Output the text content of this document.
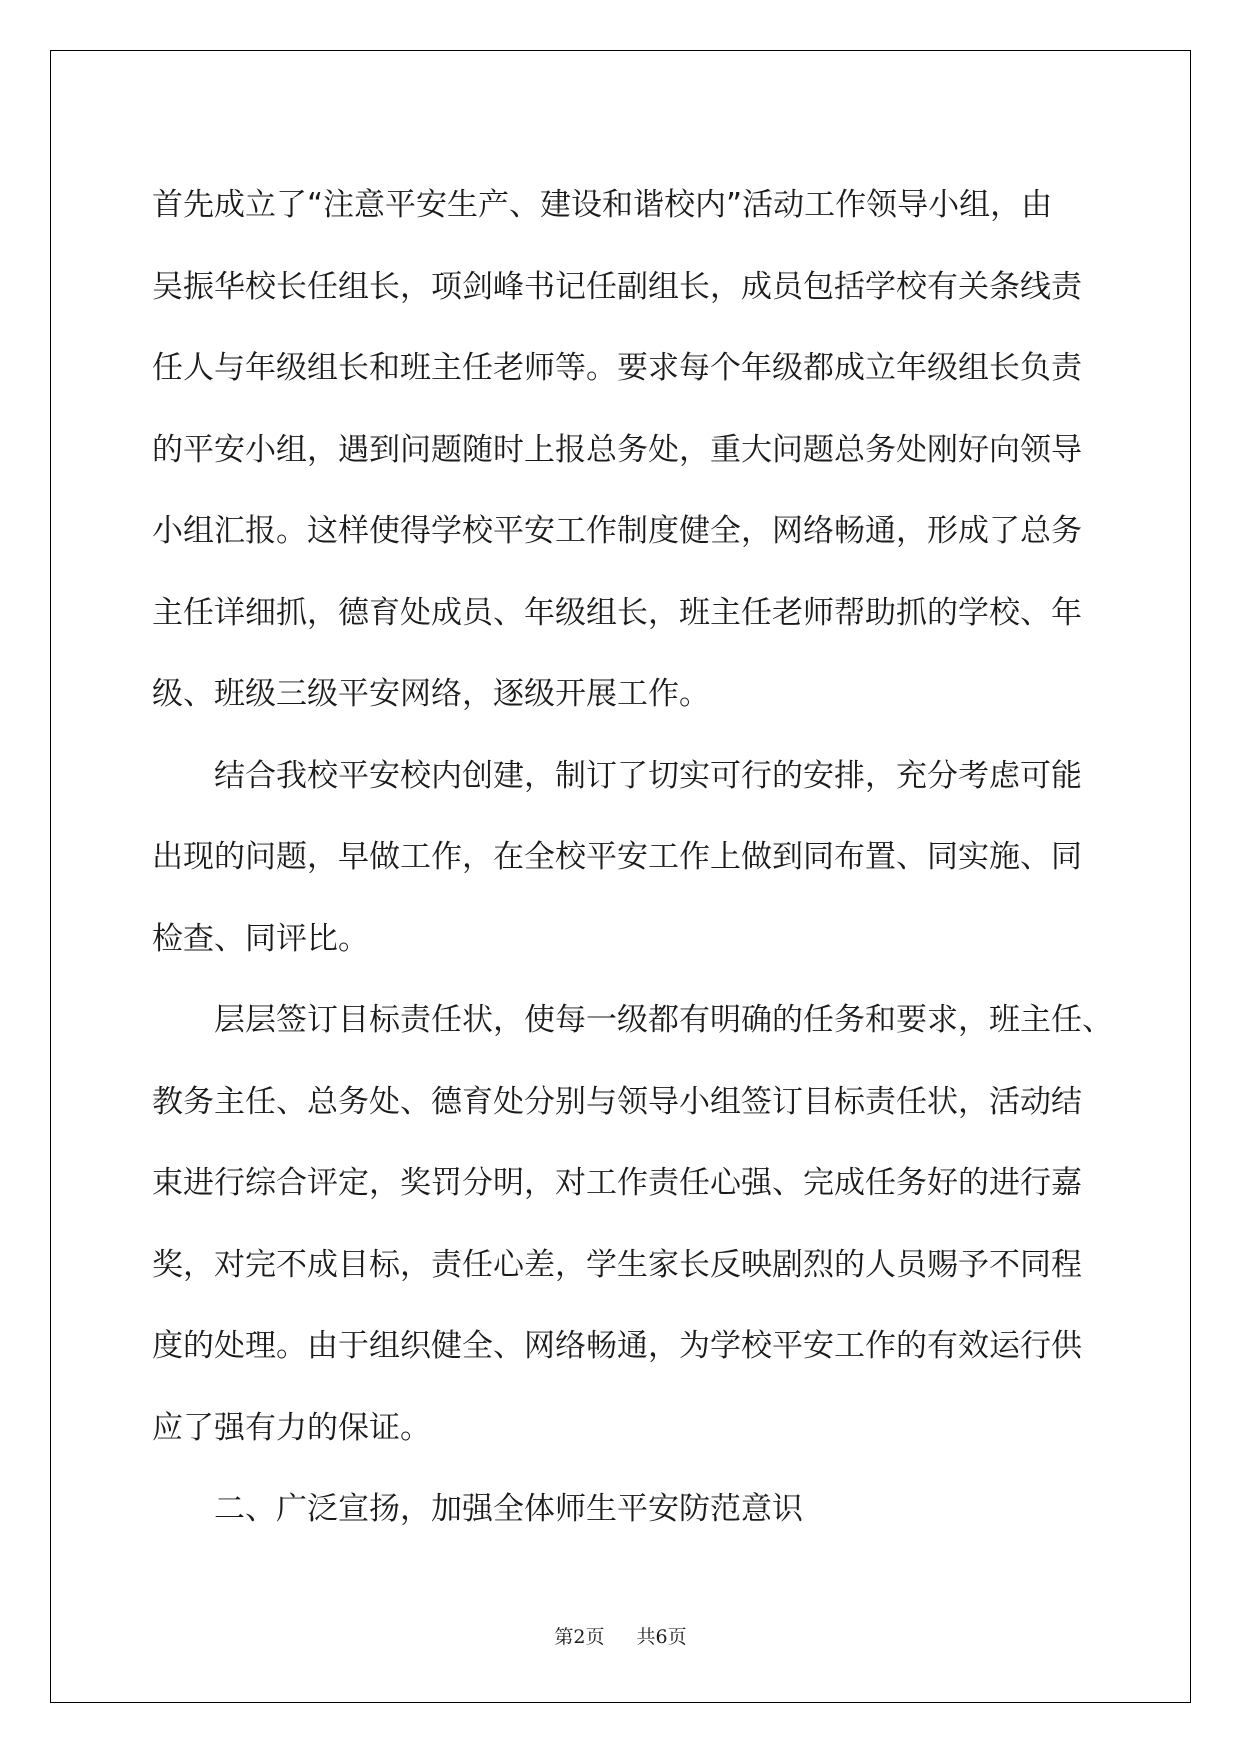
首先成立了“注意平安生产、建设和谐校内”活动工作领导小组，由
吴振华校长任组长，项剑峰书记任副组长，成员包括学校有关条线责
任人与年级组长和班主任老师等。要求每个年级都成立年级组长负责
的平安小组，遇到问题随时上报总务处，重大问题总务处刚好向领导
小组汇报。这样使得学校平安工作制度健全，网络畅通，形成了总务
主任详细抓，德育处成员、年级组长，班主任老师帮助抓的学校、年
级、班级三级平安网络，逐级开展工作。
结合我校平安校内创建，制订了切实可行的安排，充分考虑可能
出现的问题，早做工作，在全校平安工作上做到同布置、同实施、同
检查、同评比。
层层签订目标责任状，使每一级都有明确的任务和要求，班主任、
教务主任、总务处、德育处分别与领导小组签订目标责任状，活动结
束进行综合评定，奖罚分明，对工作责任心强、完成任务好的进行嘉
奖，对完不成目标，责任心差，学生家长反映剧烈的人员赐予不同程
度的处理。由于组织健全、网络畅通，为学校平安工作的有效运行供
应了强有力的保证。
二、广泛宣扬，加强全体师生平安防范意识
第2页 共6页
